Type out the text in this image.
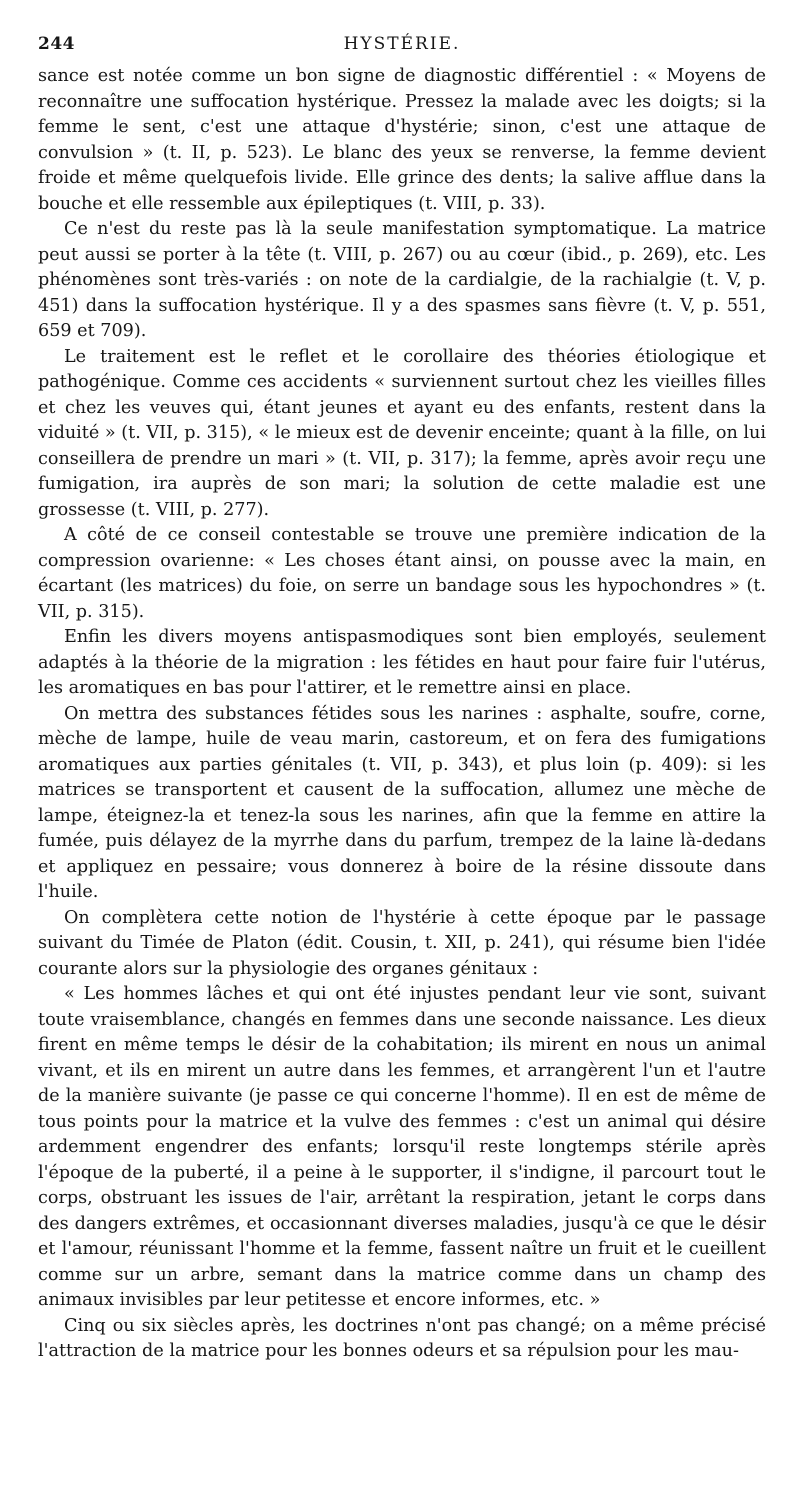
244	HYSTÉRIE.

sance est notée comme un bon signe de diagnostic différentiel : « Moyens de reconnaître une suffocation hystérique. Pressez la malade avec les doigts; si la femme le sent, c'est une attaque d'hystérie; sinon, c'est une attaque de convulsion » (t. II, p. 523). Le blanc des yeux se renverse, la femme devient froide et même quelquefois livide. Elle grince des dents; la salive afflue dans la bouche et elle ressemble aux épileptiques (t. VIII, p. 33).

Ce n'est du reste pas là la seule manifestation symptomatique. La matrice peut aussi se porter à la tête (t. VIII, p. 267) ou au cœur (ibid., p. 269), etc. Les phénomènes sont très-variés : on note de la cardialgie, de la rachialgie (t. V, p. 451) dans la suffocation hystérique. Il y a des spasmes sans fièvre (t. V, p. 551, 659 et 709).

Le traitement est le reflet et le corollaire des théories étiologique et pathogénique. Comme ces accidents « surviennent surtout chez les vieilles filles et chez les veuves qui, étant jeunes et ayant eu des enfants, restent dans la viduité » (t. VII, p. 315), « le mieux est de devenir enceinte; quant à la fille, on lui conseillera de prendre un mari » (t. VII, p. 317); la femme, après avoir reçu une fumigation, ira auprès de son mari; la solution de cette maladie est une grossesse (t. VIII, p. 277).

A côté de ce conseil contestable se trouve une première indication de la compression ovarienne: « Les choses étant ainsi, on pousse avec la main, en écartant (les matrices) du foie, on serre un bandage sous les hypochondres » (t. VII, p. 315).

Enfin les divers moyens antispasmodiques sont bien employés, seulement adaptés à la théorie de la migration : les fétides en haut pour faire fuir l'utérus, les aromatiques en bas pour l'attirer, et le remettre ainsi en place.

On mettra des substances fétides sous les narines : asphalte, soufre, corne, mèche de lampe, huile de veau marin, castoreum, et on fera des fumigations aromatiques aux parties génitales (t. VII, p. 343), et plus loin (p. 409): si les matrices se transportent et causent de la suffocation, allumez une mèche de lampe, éteignez-la et tenez-la sous les narines, afin que la femme en attire la fumée, puis délayez de la myrrhe dans du parfum, trempez de la laine là-dedans et appliquez en pessaire; vous donnerez à boire de la résine dissoute dans l'huile.

On complètera cette notion de l'hystérie à cette époque par le passage suivant du Timée de Platon (édit. Cousin, t. XII, p. 241), qui résume bien l'idée courante alors sur la physiologie des organes génitaux :

« Les hommes lâches et qui ont été injustes pendant leur vie sont, suivant toute vraisemblance, changés en femmes dans une seconde naissance. Les dieux firent en même temps le désir de la cohabitation; ils mirent en nous un animal vivant, et ils en mirent un autre dans les femmes, et arrangèrent l'un et l'autre de la manière suivante (je passe ce qui concerne l'homme). Il en est de même de tous points pour la matrice et la vulve des femmes : c'est un animal qui désire ardemment engendrer des enfants; lorsqu'il reste longtemps stérile après l'époque de la puberté, il a peine à le supporter, il s'indigne, il parcourt tout le corps, obstruant les issues de l'air, arrêtant la respiration, jetant le corps dans des dangers extrêmes, et occasionnant diverses maladies, jusqu'à ce que le désir et l'amour, réunissant l'homme et la femme, fassent naître un fruit et le cueillent comme sur un arbre, semant dans la matrice comme dans un champ des animaux invisibles par leur petitesse et encore informes, etc. »

Cinq ou six siècles après, les doctrines n'ont pas changé; on a même précisé l'attraction de la matrice pour les bonnes odeurs et sa répulsion pour les mau-
